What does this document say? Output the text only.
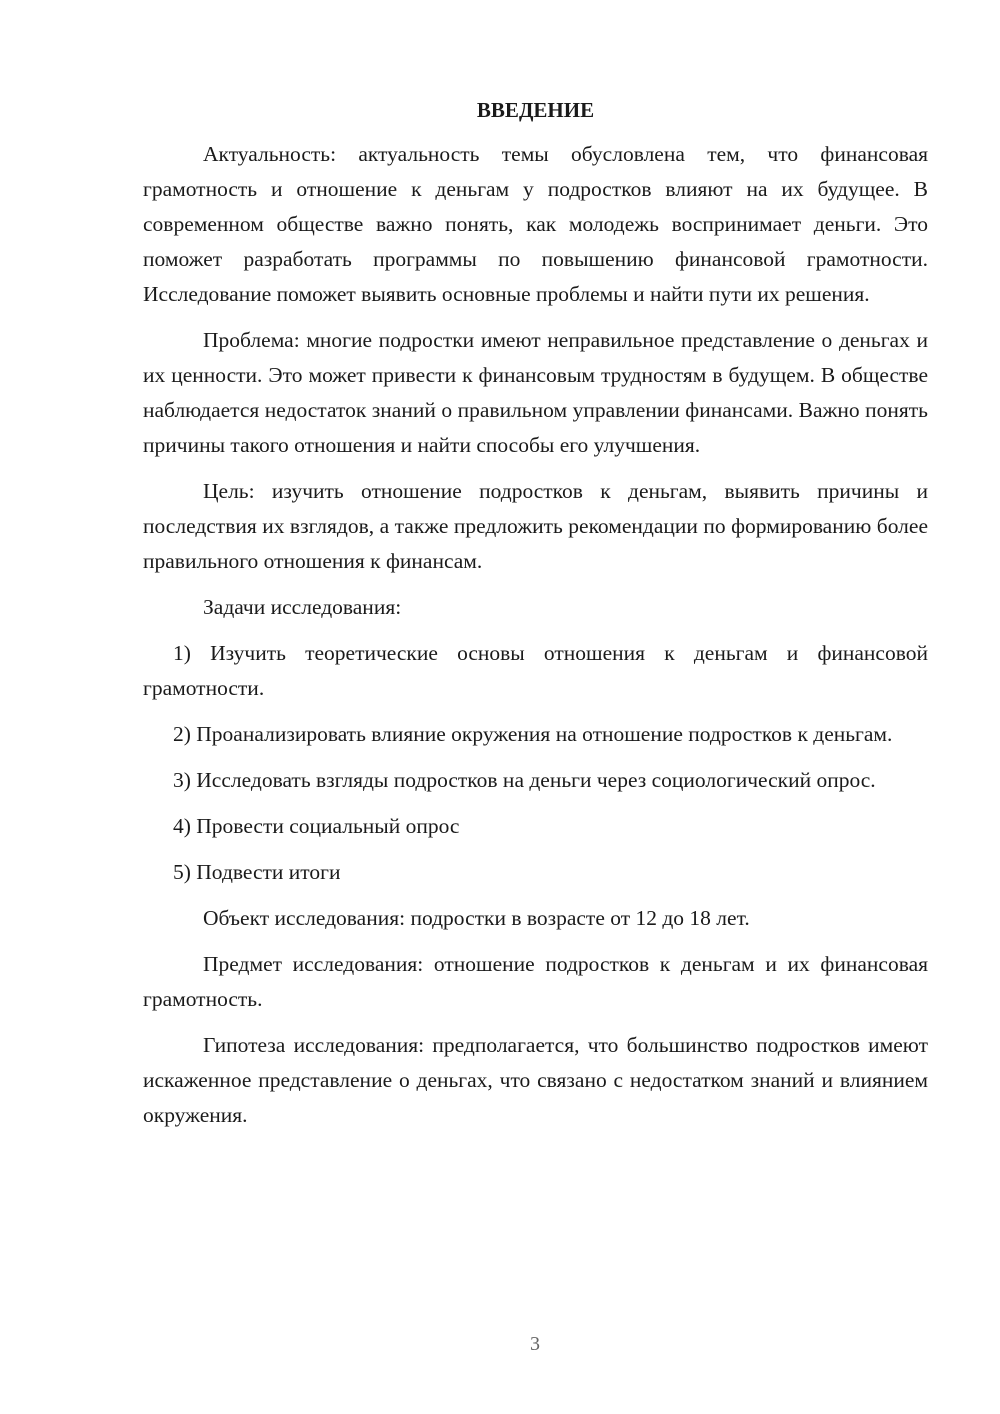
ВВЕДЕНИЕ

Актуальность: актуальность темы обусловлена тем, что финансовая грамотность и отношение к деньгам у подростков влияют на их будущее. В современном обществе важно понять, как молодежь воспринимает деньги. Это поможет разработать программы по повышению финансовой грамотности. Исследование поможет выявить основные проблемы и найти пути их решения.

Проблема: многие подростки имеют неправильное представление о деньгах и их ценности. Это может привести к финансовым трудностям в будущем. В обществе наблюдается недостаток знаний о правильном управлении финансами. Важно понять причины такого отношения и найти способы его улучшения.

Цель: изучить отношение подростков к деньгам, выявить причины и последствия их взглядов, а также предложить рекомендации по формированию более правильного отношения к финансам.

Задачи исследования:

1) Изучить теоретические основы отношения к деньгам и финансовой грамотности.

2) Проанализировать влияние окружения на отношение подростков к деньгам.

3) Исследовать взгляды подростков на деньги через социологический опрос.

4) Провести социальный опрос

5) Подвести итоги

Объект исследования: подростки в возрасте от 12 до 18 лет.

Предмет исследования: отношение подростков к деньгам и их финансовая грамотность.

Гипотеза исследования: предполагается, что большинство подростков имеют искаженное представление о деньгах, что связано с недостатком знаний и влиянием окружения.

3
